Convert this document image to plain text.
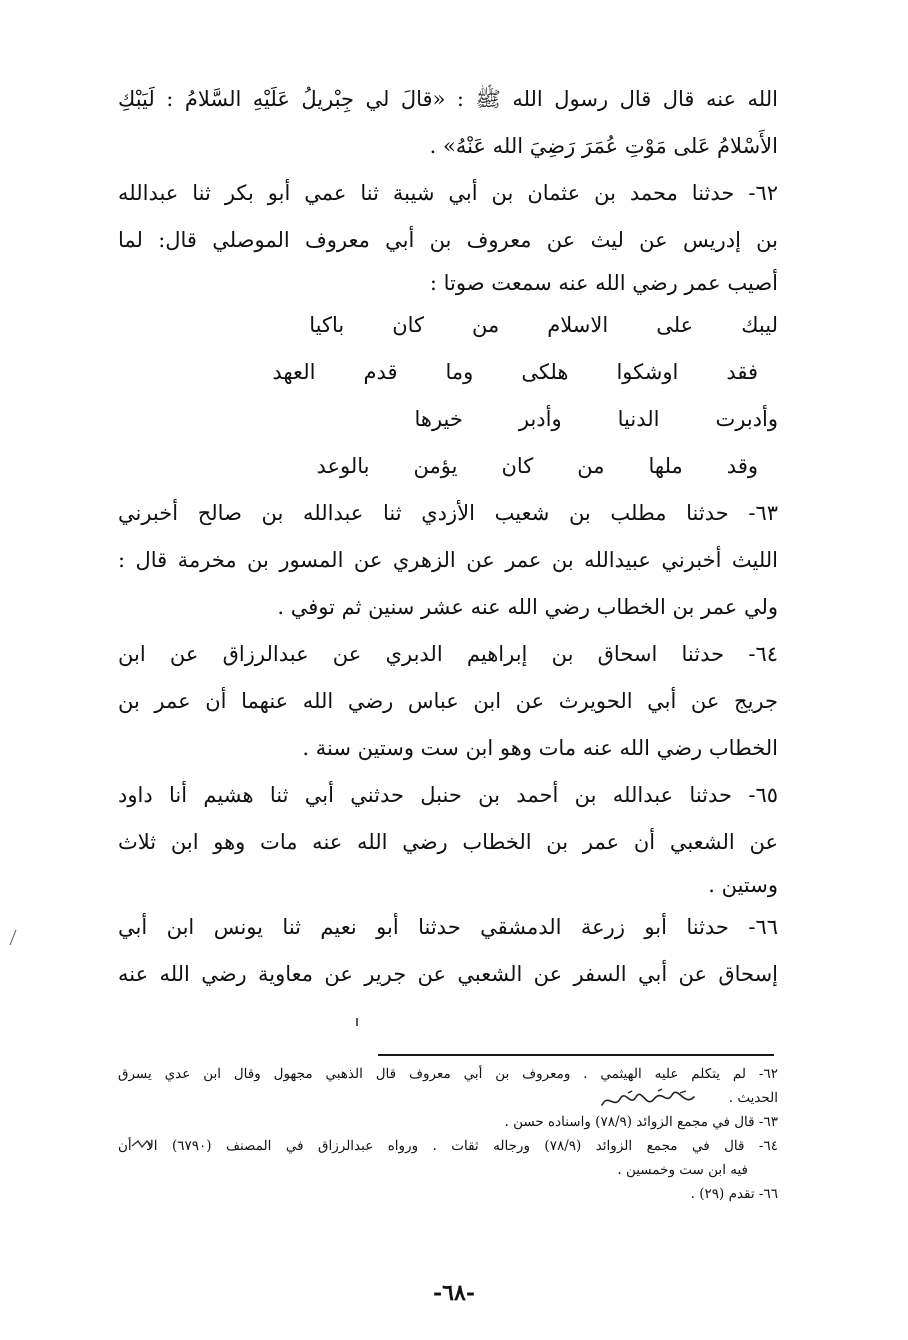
الله عنه قال قال رسول الله ﷺ : «قالَ لي جِبْريلُ عَلَيْهِ السَّلامُ : لَيَبْكِ
الأَسْلامُ عَلى مَوْتِ عُمَرَ رَضِيَ الله عَنْهُ» .
٦٢- حدثنا محمد بن عثمان بن أبي شيبة ثنا عمي أبو بكر ثنا عبدالله
بن إدريس عن ليث عن معروف بن أبي معروف الموصلي قال: لما
أصيب عمر رضي الله عنه سمعت صوتا :
ليبك
على
الاسلام
من
كان
باكيا
فقد
اوشكوا
هلكى
وما
قدم
العهد
وأدبرت
الدنيا
وأدبر
خيرها
وقد
ملها
من
كان
يؤمن
بالوعد
٦٣- حدثنا مطلب بن شعيب الأزدي ثنا عبدالله بن صالح أخبرني
الليث أخبرني عبيدالله بن عمر عن الزهري عن المسور بن مخرمة قال :
ولي عمر بن الخطاب رضي الله عنه عشر سنين ثم توفي .
٦٤- حدثنا اسحاق بن إبراهيم الدبري عن عبدالرزاق عن ابن
جريج عن أبي الحويرث عن ابن عباس رضي الله عنهما أن عمر بن
الخطاب رضي الله عنه مات وهو ابن ست وستين سنة .
٦٥- حدثنا عبدالله بن أحمد بن حنبل حدثني أبي ثنا هشيم أنا داود
عن الشعبي أن عمر بن الخطاب رضي الله عنه مات وهو ابن ثلاث
وستين .
٦٦- حدثنا أبو زرعة الدمشقي حدثنا أبو نعيم ثنا يونس ابن أبي
إسحاق عن أبي السفر عن الشعبي عن جرير عن معاوية رضي الله عنه
٦٢- لم يتكلم عليه الهيثمي . ومعروف بن أبي معروف قال الذهبي مجهول وقال ابن عدي يسرق
الحديث .
٦٣- قال في مجمع الزوائد (٧٨/٩) واسناده حسن .
٦٤- قال في مجمع الزوائد (٧٨/٩) ورجاله ثقات . ورواه عبدالرزاق في المصنف (٦٧٩٠) الا أن
فيه ابن ست وخمسين .
٦٦- تقدم (٢٩) .
-٦٨-
